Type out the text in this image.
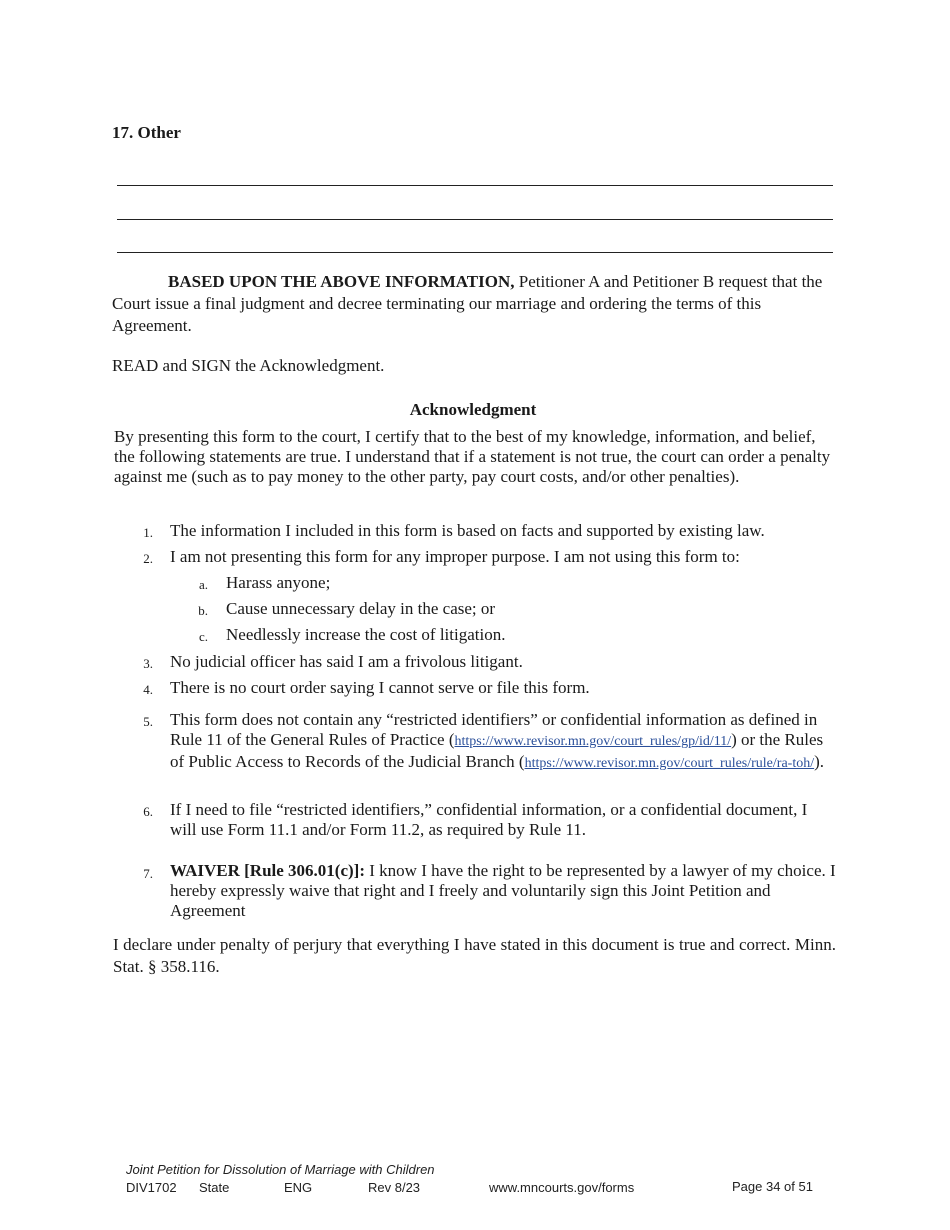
17. Other
BASED UPON THE ABOVE INFORMATION, Petitioner A and Petitioner B request that the Court issue a final judgment and decree terminating our marriage and ordering the terms of this Agreement.
READ and SIGN the Acknowledgment.
Acknowledgment
By presenting this form to the court, I certify that to the best of my knowledge, information, and belief, the following statements are true. I understand that if a statement is not true, the court can order a penalty against me (such as to pay money to the other party, pay court costs, and/or other penalties).
1. The information I included in this form is based on facts and supported by existing law.
2. I am not presenting this form for any improper purpose. I am not using this form to:
a. Harass anyone;
b. Cause unnecessary delay in the case; or
c. Needlessly increase the cost of litigation.
3. No judicial officer has said I am a frivolous litigant.
4. There is no court order saying I cannot serve or file this form.
5. This form does not contain any “restricted identifiers” or confidential information as defined in Rule 11 of the General Rules of Practice (https://www.revisor.mn.gov/court_rules/gp/id/11/) or the Rules of Public Access to Records of the Judicial Branch (https://www.revisor.mn.gov/court_rules/rule/ra-toh/).
6. If I need to file “restricted identifiers,” confidential information, or a confidential document, I will use Form 11.1 and/or Form 11.2, as required by Rule 11.
7. WAIVER [Rule 306.01(c)]: I know I have the right to be represented by a lawyer of my choice. I hereby expressly waive that right and I freely and voluntarily sign this Joint Petition and Agreement
I declare under penalty of perjury that everything I have stated in this document is true and correct. Minn. Stat. § 358.116.
Joint Petition for Dissolution of Marriage with Children
DIV1702 State	ENG	Rev 8/23	www.mncourts.gov/forms	Page 34 of 51
